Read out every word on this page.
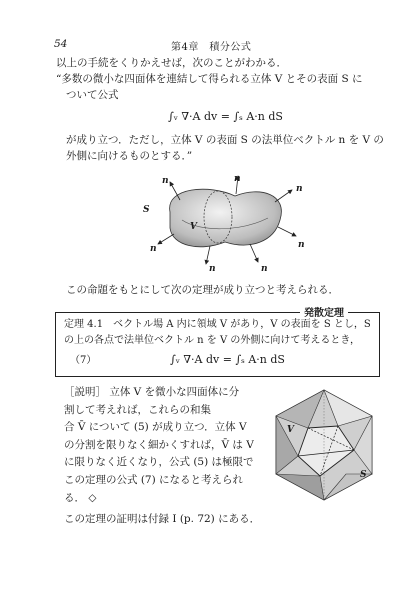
54	第4章　積分公式
以上の手続をくりかえせば，次のことがわかる．
“多数の微小な四面体を連結して得られる立体 V とその表面 S に
ついて公式
∫ᵥ ∇·A dv = ∫ₛ A·n dS
が成り立つ．ただし，立体 V の表面 S の法単位ベクトル n を V の
外側に向けるものとする．”
S
V
n	n
n
n
n
n
n
この命題をもとにして次の定理が成り立つと考えられる．
発散定理
定理 4.1　ベクトル場 A 内に領域 V があり，V の表面を S とし，S
の上の各点で法単位ベクトル n を V の外側に向けて考えるとき，
（7）	∫ᵥ ∇·A dv = ∫ₛ A·n dS
［説明］ 立体 V を微小な四面体に分
割して考えれば，これらの和集
合 V̄ について (5) が成り立つ．立体 V
の分割を限りなく細かくすれば，V̄ は V
に限りなく近くなり，公式 (5) は極限で
この定理の公式 (7) になると考えられ
る． ◇
この定理の証明は付録 I (p. 72) にある．
V
S
